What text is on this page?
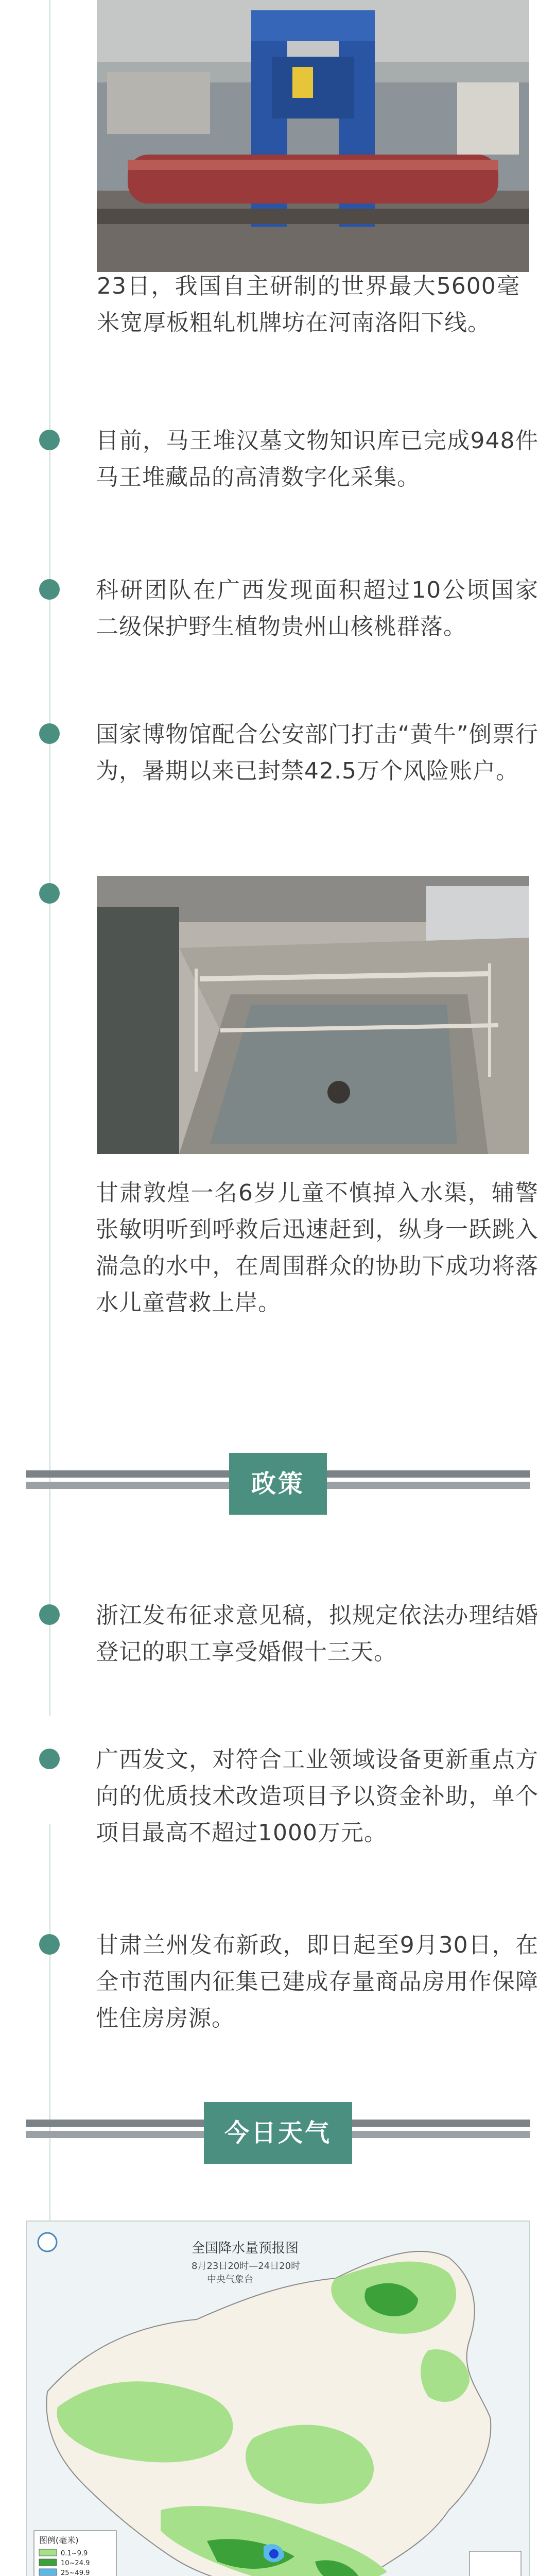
23日，我国自主研制的世界最大5600毫米宽厚板粗轧机牌坊在河南洛阳下线。
目前，马王堆汉墓文物知识库已完成948件马王堆藏品的高清数字化采集。
科研团队在广西发现面积超过10公顷国家二级保护野生植物贵州山核桃群落。
国家博物馆配合公安部门打击“黄牛”倒票行为，暑期以来已封禁42.5万个风险账户。
甘肃敦煌一名6岁儿童不慎掉入水渠，辅警张敏明听到呼救后迅速赶到，纵身一跃跳入湍急的水中，在周围群众的协助下成功将落水儿童营救上岸。
政策
浙江发布征求意见稿，拟规定依法办理结婚登记的职工享受婚假十三天。
广西发文，对符合工业领域设备更新重点方向的优质技术改造项目予以资金补助，单个项目最高不超过1000万元。
甘肃兰州发布新政，即日起至9月30日，在全市范围内征集已建成存量商品房用作保障性住房房源。
今日天气
全国降水量预报图
8月23日20时—24日20时
中央气象台
图例(毫米)
0.1~9.9
10~24.9
25~49.9
